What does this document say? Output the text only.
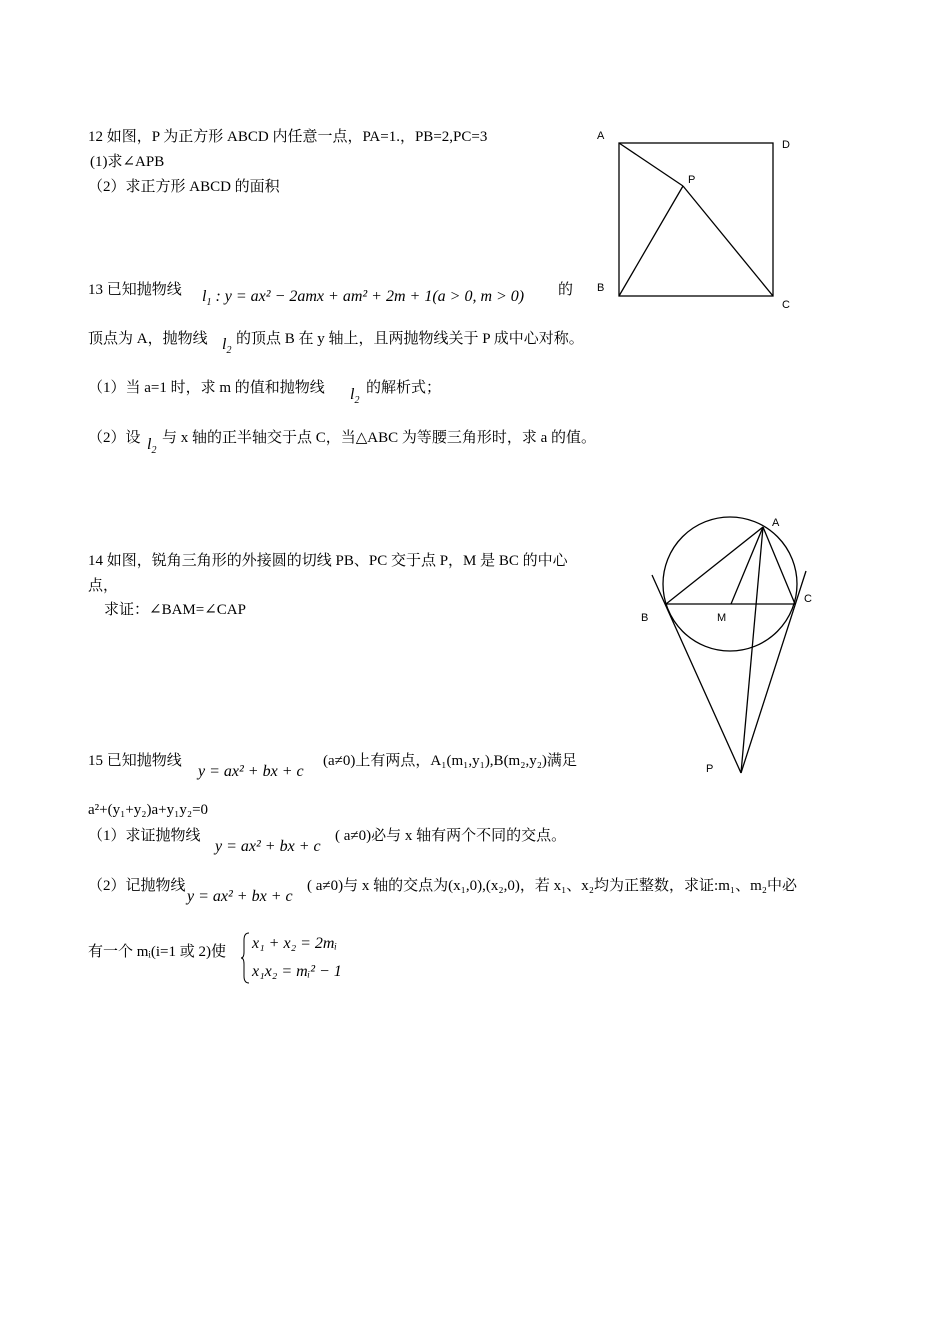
12 如图，P 为正方形 ABCD 内任意一点，PA=1.，PB=2,PC=3
(1)求∠APB
（2）求正方形 ABCD 的面积
A
D
P
B
C
13 已知抛物线 $l_1$ : y = ax² − 2amx + am² + 2m + 1(a > 0, m > 0) 的
顶点为 A，抛物线 $l_2$
的顶点 B 在 y 轴上，且两抛物线关于 P 成中心对称。
（1）当 a=1 时，求 m 的值和抛物线 $l_2$
的解析式；
（2）设 $l_2$
与 x 轴的正半轴交于点 C，当△ABC 为等腰三角形时，求 a 的值。
14 如图，锐角三角形的外接圆的切线 PB、PC 交于点 P，M 是 BC 的中心
点，
求证：∠BAM=∠CAP
A
B
C
M
P
15 已知抛物线
y = ax² + bx + c
(a≠0)上有两点，A₁(m₁,y₁),B(m₂,y₂)满足
a²+(y₁+y₂)a+y₁y₂=0
（1）求证抛物线
y = ax² + bx + c
( a≠0)必与 x 轴有两个不同的交点。
（2）记抛物线
y = ax² + bx + c
( a≠0)与 x 轴的交点为(x₁,0),(x₂,0)，若 x₁、x₂均为正整数，求证:m₁、m₂中必
有一个 mᵢ(i=1 或 2)使 x₁ + x₂ = 2mᵢ
x₁x₂ = mᵢ² − 1
